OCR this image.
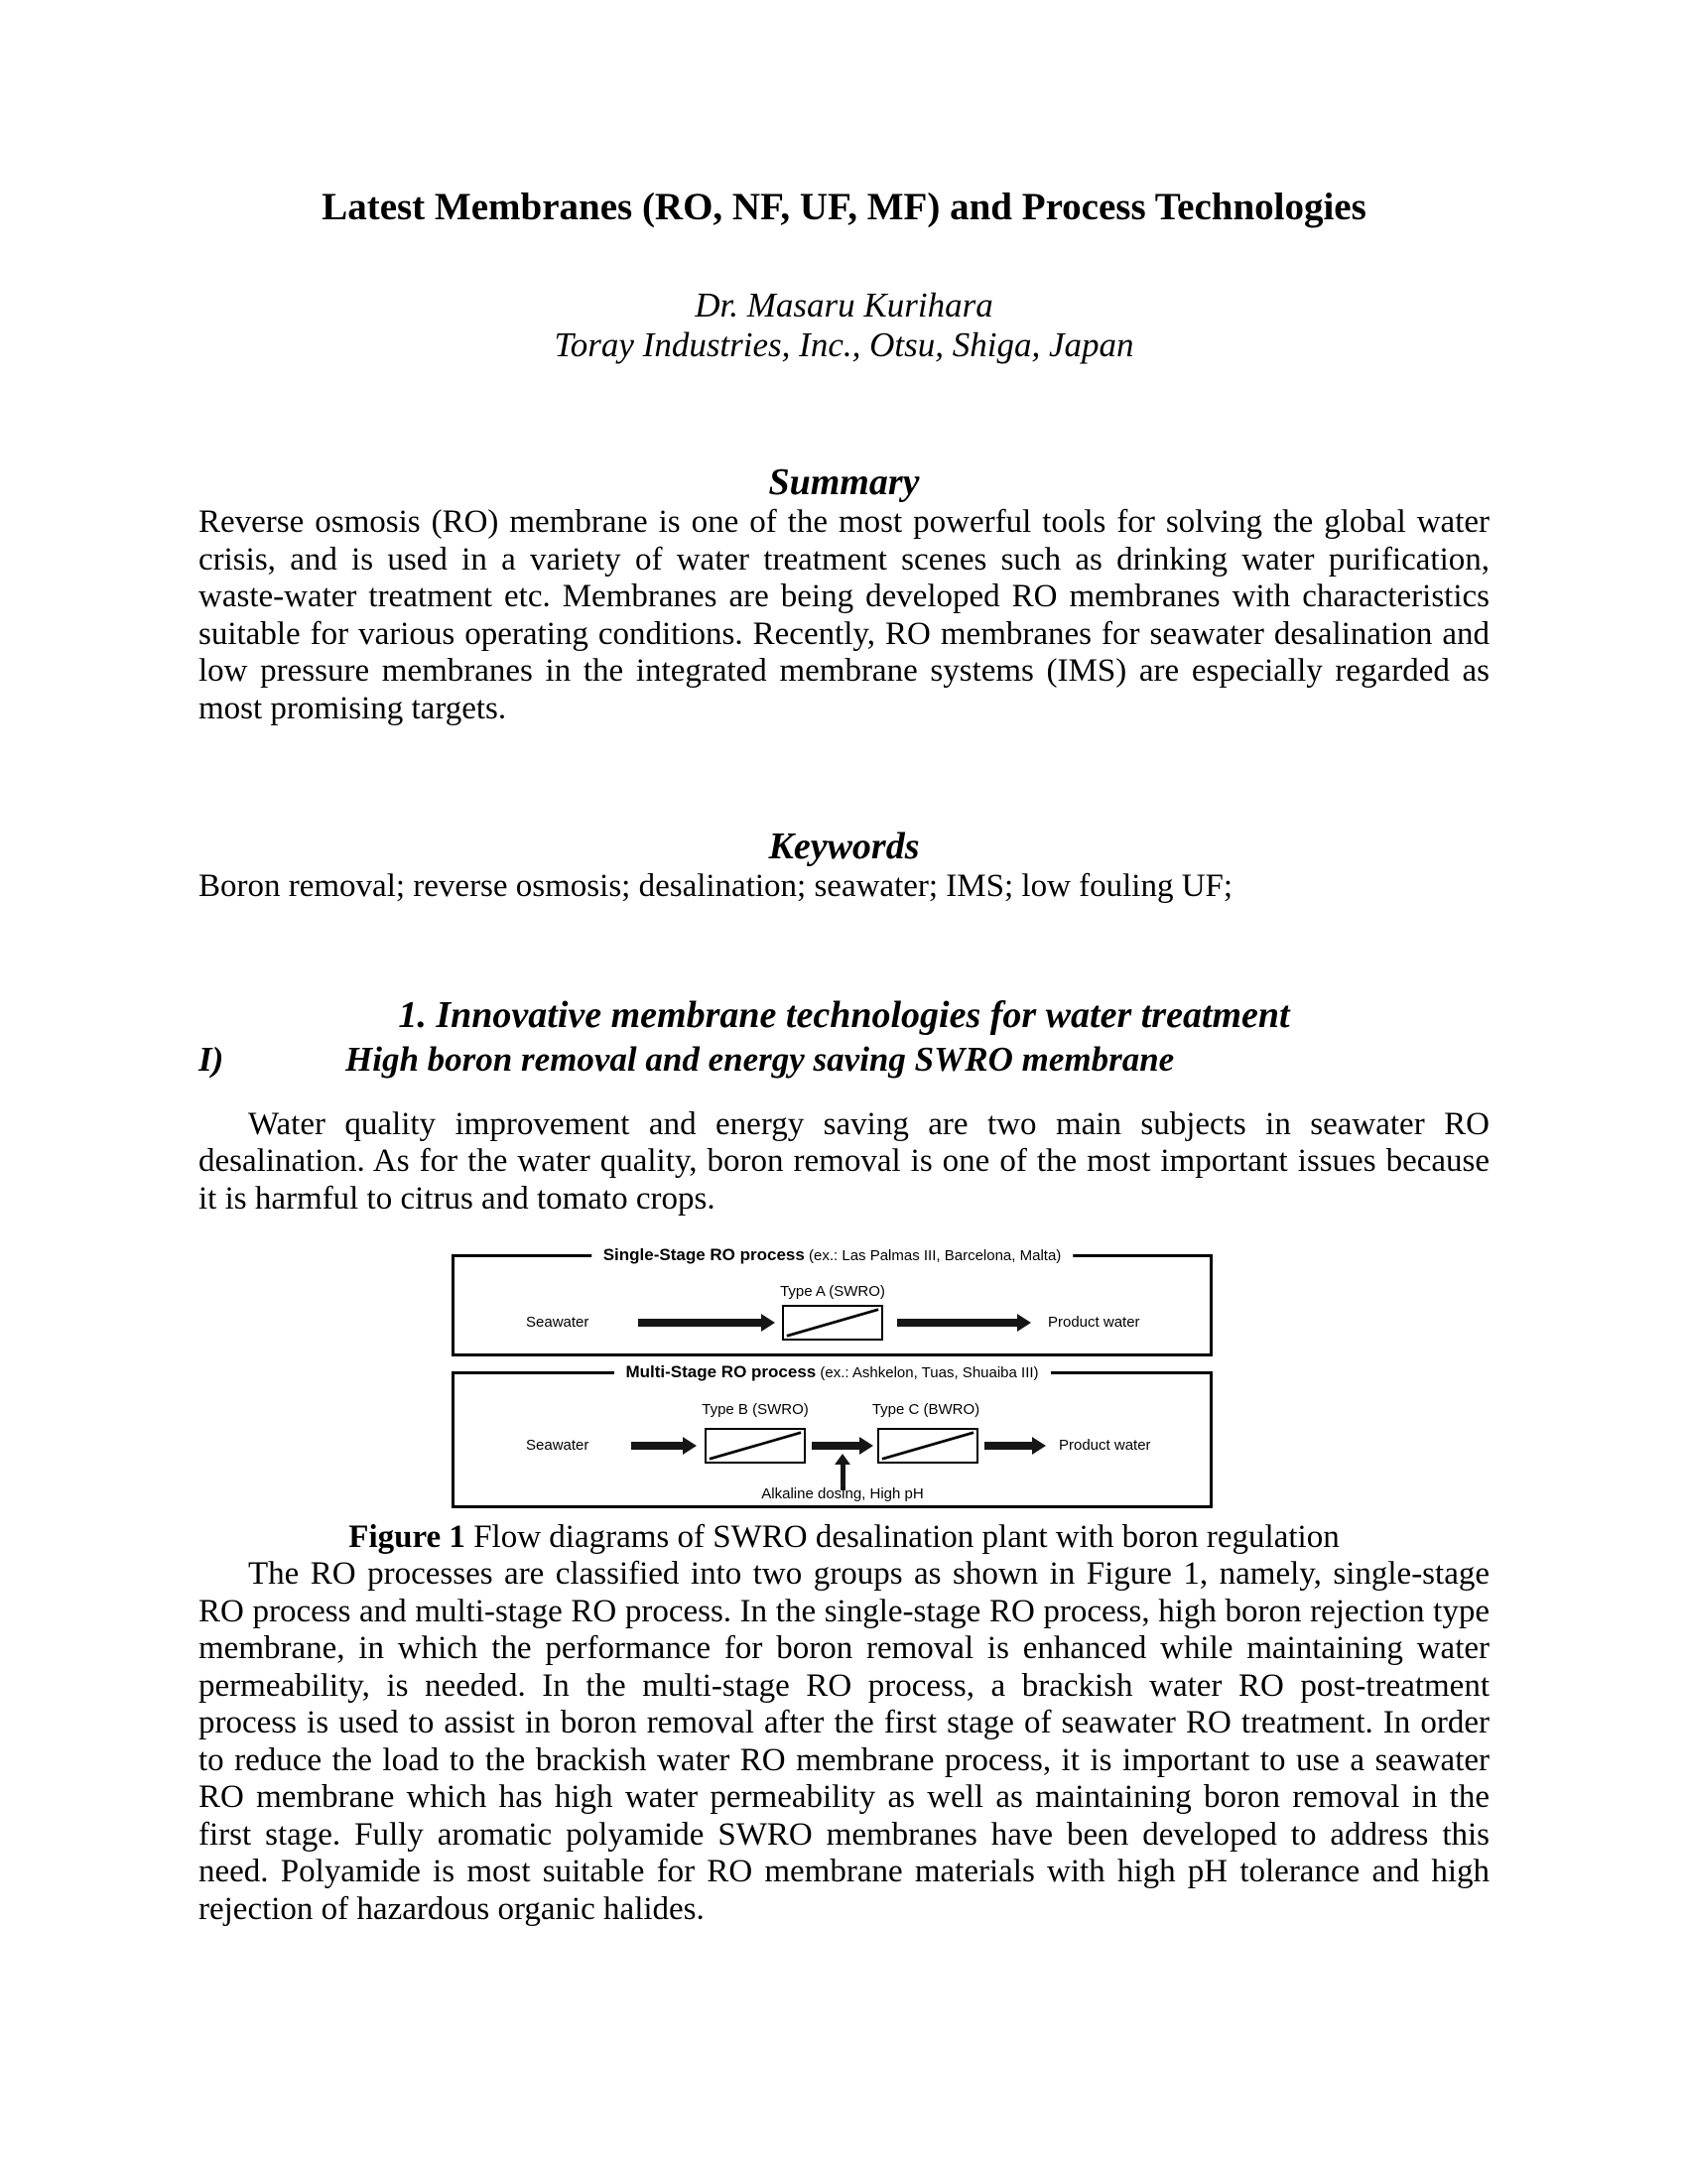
Latest Membranes (RO, NF, UF, MF) and Process Technologies
Dr. Masaru Kurihara
Toray Industries, Inc., Otsu, Shiga, Japan
Summary

Reverse osmosis (RO) membrane is one of the most powerful tools for solving the global water crisis, and is used in a variety of water treatment scenes such as drinking water purification, waste-water treatment etc. Membranes are being developed RO membranes with characteristics suitable for various operating conditions. Recently, RO membranes for seawater desalination and low pressure membranes in the integrated membrane systems (IMS) are especially regarded as most promising targets.

Keywords

Boron removal; reverse osmosis; desalination; seawater; IMS; low fouling UF;

1. Innovative membrane technologies for water treatment
I)	High boron removal and energy saving SWRO membrane

Water quality improvement and energy saving are two main subjects in seawater RO desalination. As for the water quality, boron removal is one of the most important issues because it is harmful to citrus and tomato crops.

Single-Stage RO process (ex.: Las Palmas III, Barcelona, Malta)
Seawater
Type A (SWRO)
Product water
Multi-Stage RO process (ex.: Ashkelon, Tuas, Shuaiba III)
Seawater
Type B (SWRO)	Type C (BWRO)
Product water
Alkaline dosing, High pH
Figure 1 Flow diagrams of SWRO desalination plant with boron regulation

The RO processes are classified into two groups as shown in Figure 1, namely, single-stage RO process and multi-stage RO process. In the single-stage RO process, high boron rejection type membrane, in which the performance for boron removal is enhanced while maintaining water permeability, is needed. In the multi-stage RO process, a brackish water RO post-treatment process is used to assist in boron removal after the first stage of seawater RO treatment. In order to reduce the load to the brackish water RO membrane process, it is important to use a seawater RO membrane which has high water permeability as well as maintaining boron removal in the first stage. Fully aromatic polyamide SWRO membranes have been developed to address this need. Polyamide is most suitable for RO membrane materials with high pH tolerance and high rejection of hazardous organic halides.
